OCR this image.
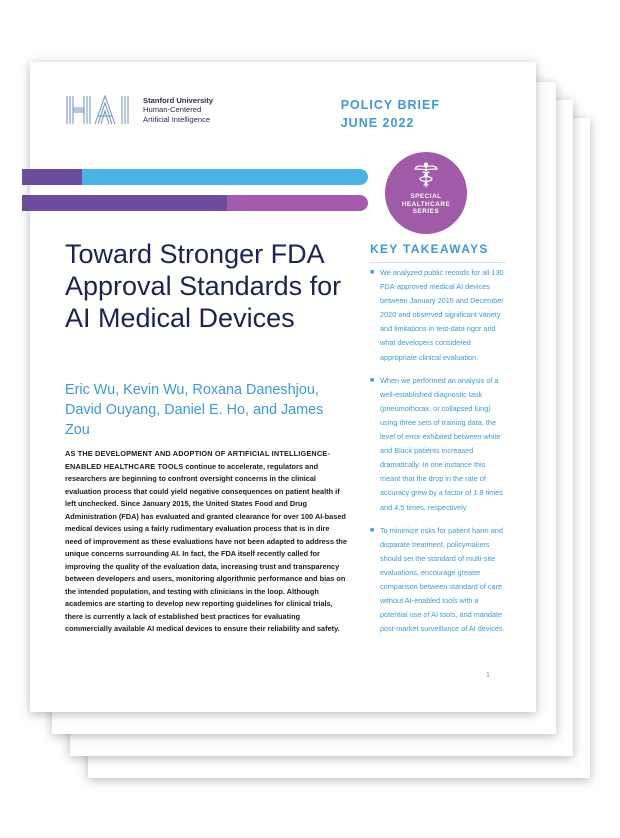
Stanford University
Human-Centered
Artificial Intelligence
POLICY BRIEF
JUNE 2022
SPECIAL
HEALTHCARE
SERIES
Toward Stronger FDA Approval Standards for AI Medical Devices
Eric Wu, Kevin Wu, Roxana Daneshjou, David Ouyang, Daniel E. Ho, and James Zou

AS THE DEVELOPMENT AND ADOPTION OF ARTIFICIAL INTELLIGENCE-ENABLED HEALTHCARE TOOLS continue to accelerate, regulators and researchers are beginning to confront oversight concerns in the clinical evaluation process that could yield negative consequences on patient health if left unchecked. Since January 2015, the United States Food and Drug Administration (FDA) has evaluated and granted clearance for over 100 AI-based medical devices using a fairly rudimentary evaluation process that is in dire need of improvement as these evaluations have not been adapted to address the unique concerns surrounding AI. In fact, the FDA itself recently called for improving the quality of the evaluation data, increasing trust and transparency between developers and users, monitoring algorithmic performance and bias on the intended population, and testing with clinicians in the loop. Although academics are starting to develop new reporting guidelines for clinical trials, there is currently a lack of established best practices for evaluating commercially available AI medical devices to ensure their reliability and safety.

KEY TAKEAWAYS
■ We analyzed public records for all 130 FDA-approved medical AI devices between January 2015 and December 2020 and observed significant variety and limitations in test-data rigor and what developers considered appropriate clinical evaluation.
■ When we performed an analysis of a well-established diagnostic task (pneumothorax, or collapsed lung) using three sets of training data, the level of error exhibited between white and Black patients increased dramatically. In one instance this meant that the drop in the rate of accuracy grew by a factor of 1.8 times and 4.5 times, respectively.
■ To minimize risks for patient harm and disparate treatment, policymakers should set the standard of multi-site evaluations, encourage greater comparison between standard of care without AI-enabled tools with a potential use of AI tools, and mandate post-market surveillance of AI devices.
1
